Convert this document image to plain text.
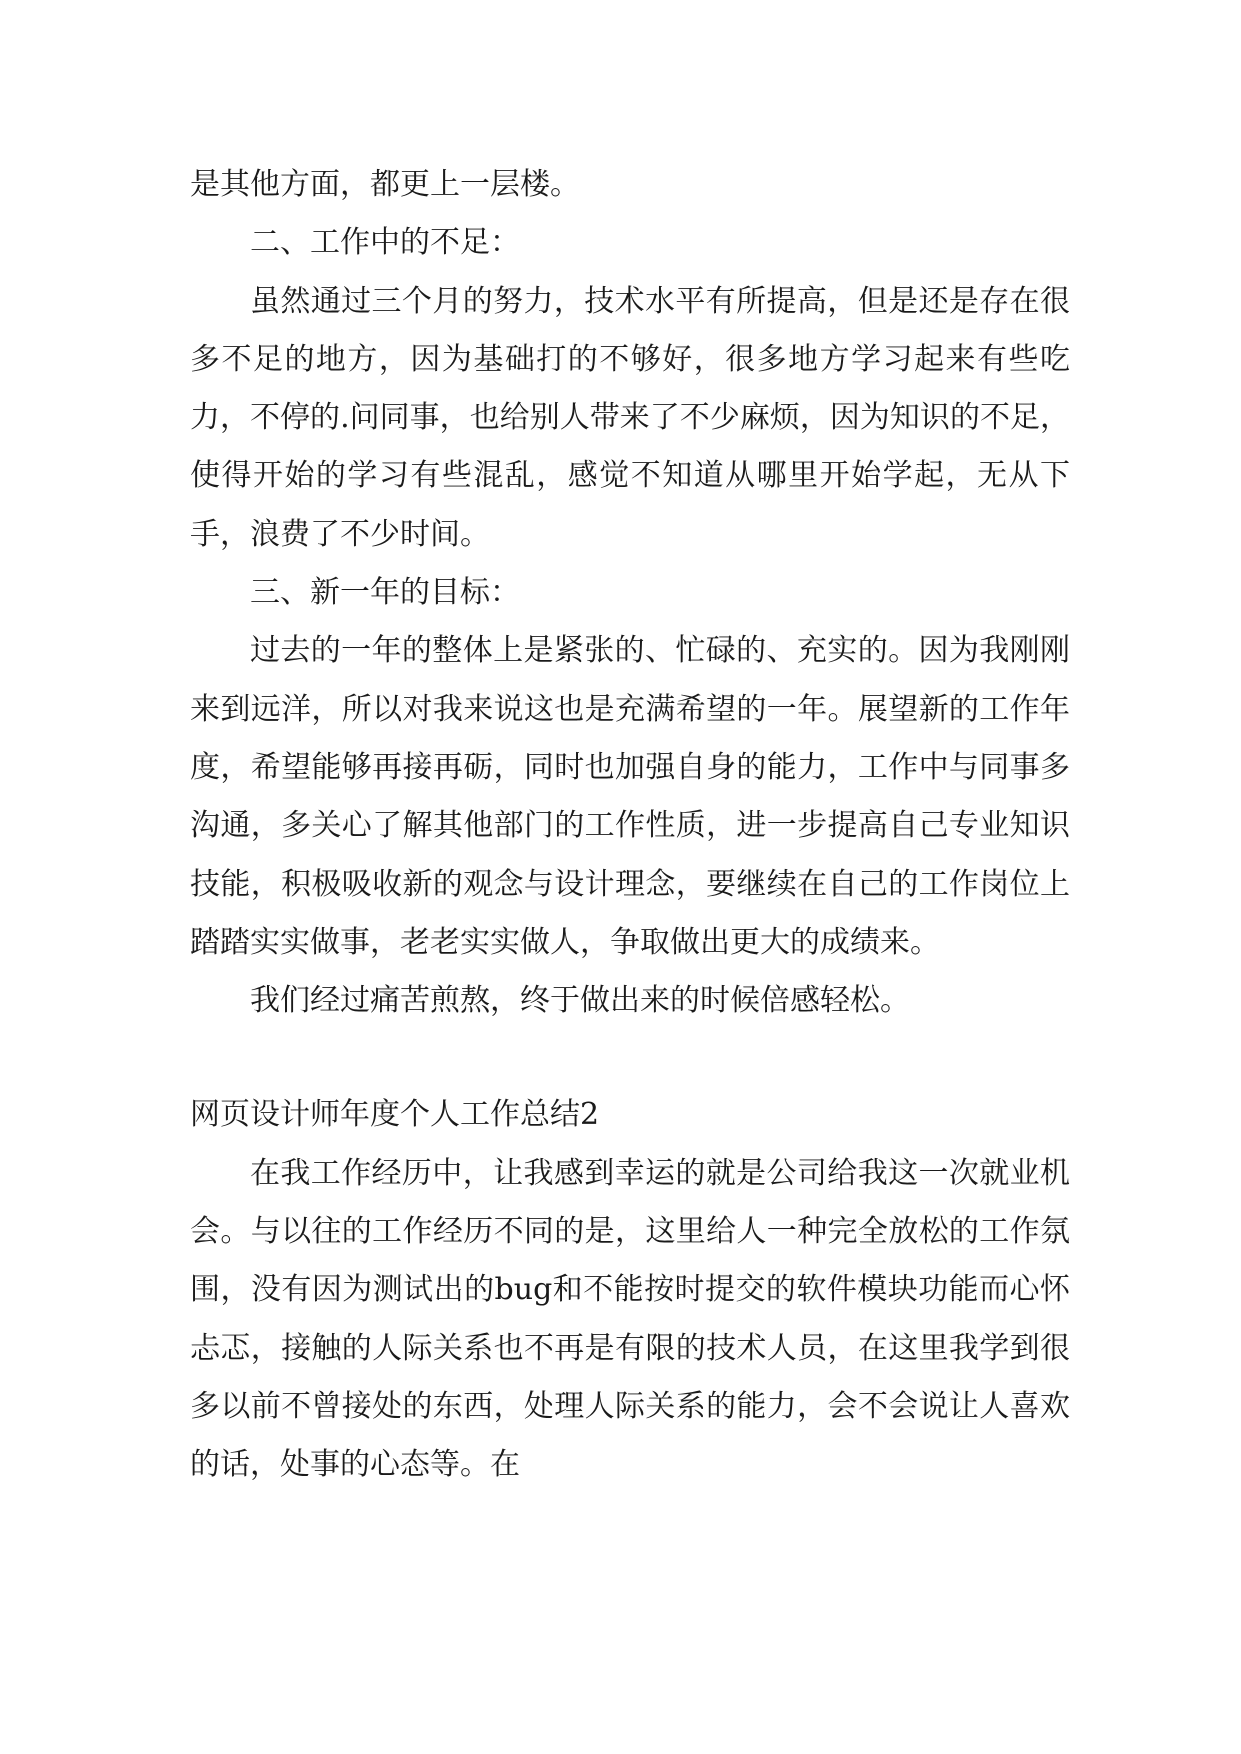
是其他方面，都更上一层楼。

二、工作中的不足：

虽然通过三个月的努力，技术水平有所提高，但是还是存在很多不足的地方，因为基础打的不够好，很多地方学习起来有些吃力，不停的.问同事，也给别人带来了不少麻烦，因为知识的不足，使得开始的学习有些混乱，感觉不知道从哪里开始学起，无从下手，浪费了不少时间。

三、新一年的目标：

过去的一年的整体上是紧张的、忙碌的、充实的。因为我刚刚来到远洋，所以对我来说这也是充满希望的一年。展望新的工作年度，希望能够再接再砺，同时也加强自身的能力，工作中与同事多沟通，多关心了解其他部门的工作性质，进一步提高自己专业知识技能，积极吸收新的观念与设计理念，要继续在自己的工作岗位上踏踏实实做事，老老实实做人，争取做出更大的成绩来。

我们经过痛苦煎熬，终于做出来的时候倍感轻松。

网页设计师年度个人工作总结2

在我工作经历中，让我感到幸运的就是公司给我这一次就业机会。与以往的工作经历不同的是，这里给人一种完全放松的工作氛围，没有因为测试出的bug和不能按时提交的软件模块功能而心怀忐忑，接触的人际关系也不再是有限的技术人员，在这里我学到很多以前不曾接处的东西，处理人际关系的能力，会不会说让人喜欢的话，处事的心态等。在
